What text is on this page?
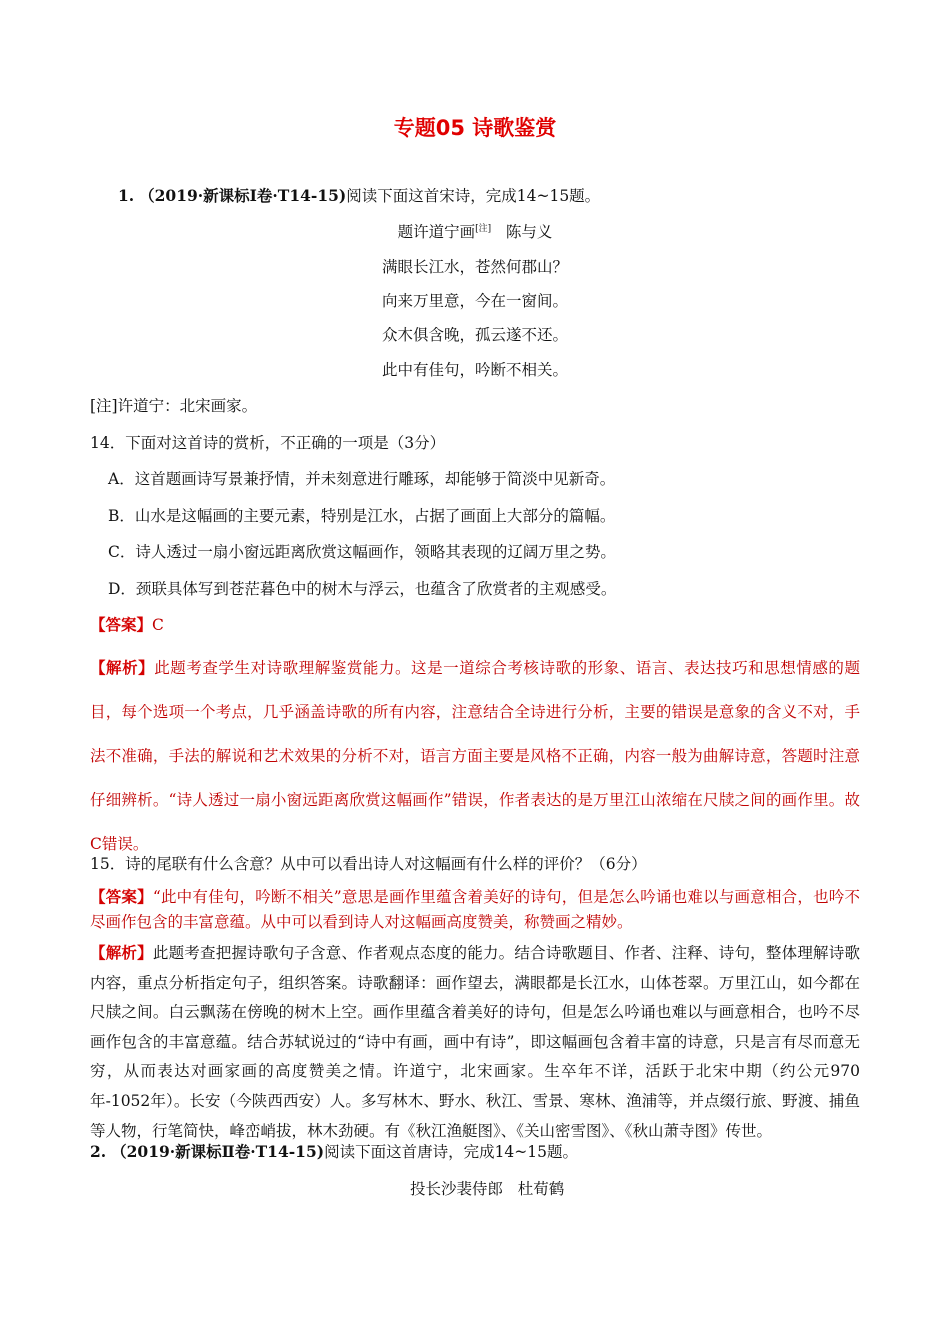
专题05 诗歌鉴赏
1. （2019·新课标Ⅰ卷·T14-15)阅读下面这首宋诗，完成14~15题。
题许道宁画[注] 陈与义
满眼长江水，苍然何郡山？
向来万里意，今在一窗间。
众木俱含晚，孤云遂不还。
此中有佳句，吟断不相关。
[注]许道宁：北宋画家。
14．下面对这首诗的赏析，不正确的一项是（3分）
A．这首题画诗写景兼抒情，并未刻意进行雕琢，却能够于简淡中见新奇。
B．山水是这幅画的主要元素，特别是江水，占据了画面上大部分的篇幅。
C．诗人透过一扇小窗远距离欣赏这幅画作，领略其表现的辽阔万里之势。
D．颈联具体写到苍茫暮色中的树木与浮云，也蕴含了欣赏者的主观感受。
【答案】C
【解析】此题考查学生对诗歌理解鉴赏能力。这是一道综合考核诗歌的形象、语言、表达技巧和思想情感的题目，每个选项一个考点，几乎涵盖诗歌的所有内容，注意结合全诗进行分析，主要的错误是意象的含义不对，手法不准确，手法的解说和艺术效果的分析不对，语言方面主要是风格不正确，内容一般为曲解诗意，答题时注意仔细辨析。“诗人透过一扇小窗远距离欣赏这幅画作”错误，作者表达的是万里江山浓缩在尺牍之间的画作里。故C错误。
15．诗的尾联有什么含意？从中可以看出诗人对这幅画有什么样的评价？（6分）
【答案】“此中有佳句，吟断不相关”意思是画作里蕴含着美好的诗句，但是怎么吟诵也难以与画意相合，也吟不尽画作包含的丰富意蕴。从中可以看到诗人对这幅画高度赞美，称赞画之精妙。
【解析】此题考查把握诗歌句子含意、作者观点态度的能力。结合诗歌题目、作者、注释、诗句，整体理解诗歌内容，重点分析指定句子，组织答案。诗歌翻译：画作望去，满眼都是长江水，山体苍翠。万里江山，如今都在尺牍之间。白云飘荡在傍晚的树木上空。画作里蕴含着美好的诗句，但是怎么吟诵也难以与画意相合，也吟不尽画作包含的丰富意蕴。结合苏轼说过的“诗中有画，画中有诗”，即这幅画包含着丰富的诗意，只是言有尽而意无穷，从而表达对画家画的高度赞美之情。许道宁，北宋画家。生卒年不详，活跃于北宋中期（约公元970年-1052年）。长安（今陕西西安）人。多写林木、野水、秋江、雪景、寒林、渔浦等，并点缀行旅、野渡、捕鱼等人物，行笔简快，峰峦峭拔，林木劲硬。有《秋江渔艇图》、《关山密雪图》、《秋山萧寺图》传世。
2. （2019·新课标Ⅱ卷·T14-15)阅读下面这首唐诗，完成14~15题。
投长沙裴侍郎 杜荀鹤
